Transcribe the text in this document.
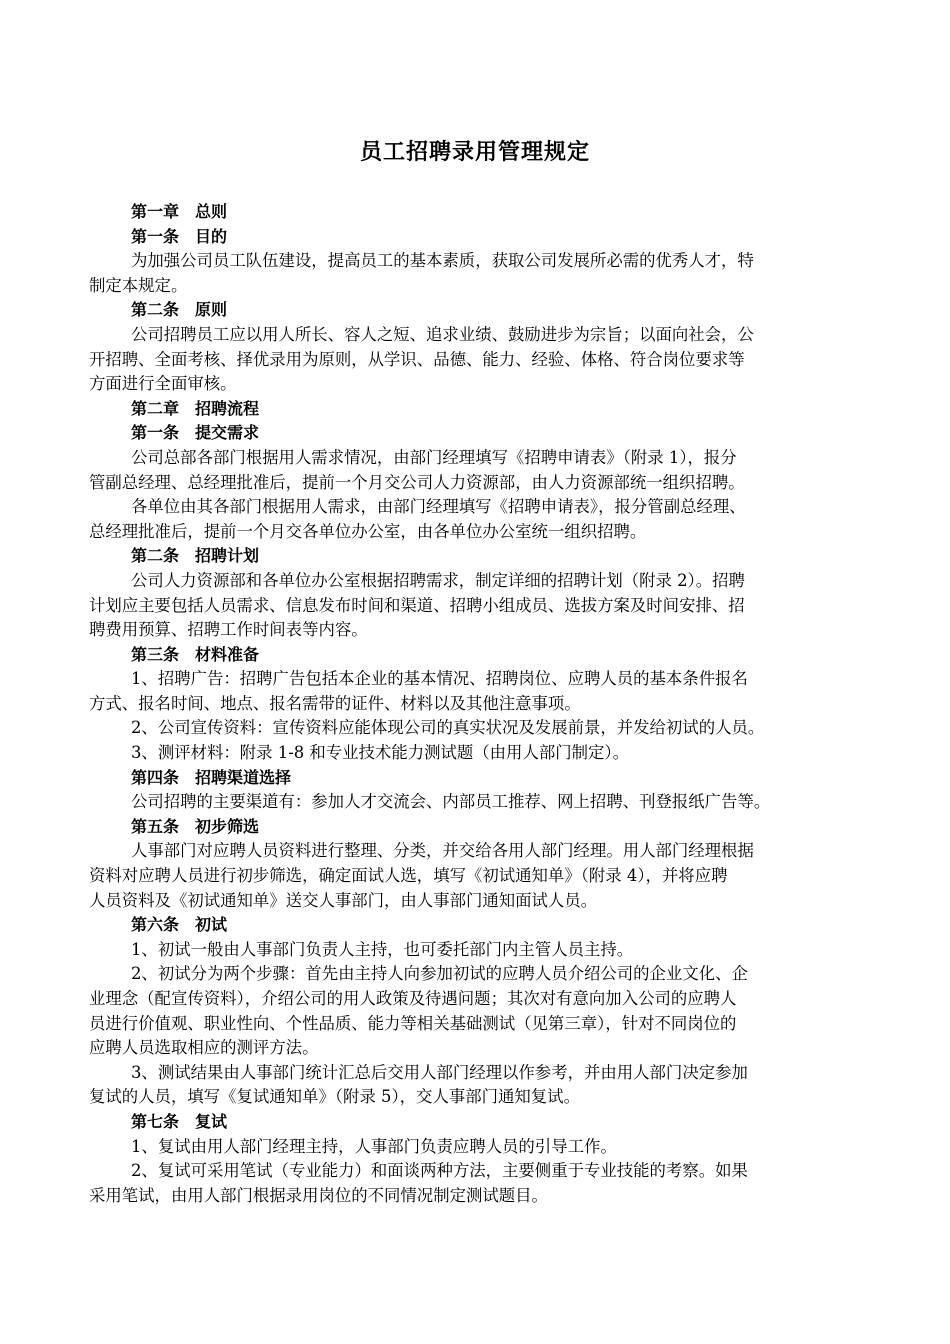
员工招聘录用管理规定
第一章　总则
第一条　目的
为加强公司员工队伍建设，提高员工的基本素质，获取公司发展所必需的优秀人才，特
制定本规定。
第二条　原则
公司招聘员工应以用人所长、容人之短、追求业绩、鼓励进步为宗旨；以面向社会，公
开招聘、全面考核、择优录用为原则，从学识、品德、能力、经验、体格、符合岗位要求等
方面进行全面审核。
第二章　招聘流程
第一条　提交需求
公司总部各部门根据用人需求情况，由部门经理填写《招聘申请表》（附录 1），报分
管副总经理、总经理批准后，提前一个月交公司人力资源部，由人力资源部统一组织招聘。
各单位由其各部门根据用人需求，由部门经理填写《招聘申请表》，报分管副总经理、
总经理批准后，提前一个月交各单位办公室，由各单位办公室统一组织招聘。
第二条　招聘计划
公司人力资源部和各单位办公室根据招聘需求，制定详细的招聘计划（附录 2）。招聘
计划应主要包括人员需求、信息发布时间和渠道、招聘小组成员、选拔方案及时间安排、招
聘费用预算、招聘工作时间表等内容。
第三条　材料准备
1、招聘广告：招聘广告包括本企业的基本情况、招聘岗位、应聘人员的基本条件报名
方式、报名时间、地点、报名需带的证件、材料以及其他注意事项。
2、公司宣传资料：宣传资料应能体现公司的真实状况及发展前景，并发给初试的人员。
3、测评材料：附录 1-8 和专业技术能力测试题（由用人部门制定）。
第四条　招聘渠道选择
公司招聘的主要渠道有：参加人才交流会、内部员工推荐、网上招聘、刊登报纸广告等。
第五条　初步筛选
人事部门对应聘人员资料进行整理、分类，并交给各用人部门经理。用人部门经理根据
资料对应聘人员进行初步筛选，确定面试人选，填写《初试通知单》（附录 4），并将应聘
人员资料及《初试通知单》送交人事部门，由人事部门通知面试人员。
第六条　初试
1、初试一般由人事部门负责人主持，也可委托部门内主管人员主持。
2、初试分为两个步骤：首先由主持人向参加初试的应聘人员介绍公司的企业文化、企
业理念（配宣传资料），介绍公司的用人政策及待遇问题；其次对有意向加入公司的应聘人
员进行价值观、职业性向、个性品质、能力等相关基础测试（见第三章），针对不同岗位的
应聘人员选取相应的测评方法。
3、测试结果由人事部门统计汇总后交用人部门经理以作参考，并由用人部门决定参加
复试的人员，填写《复试通知单》（附录 5），交人事部门通知复试。
第七条　复试
1、复试由用人部门经理主持，人事部门负责应聘人员的引导工作。
2、复试可采用笔试（专业能力）和面谈两种方法，主要侧重于专业技能的考察。如果
采用笔试，由用人部门根据录用岗位的不同情况制定测试题目。
